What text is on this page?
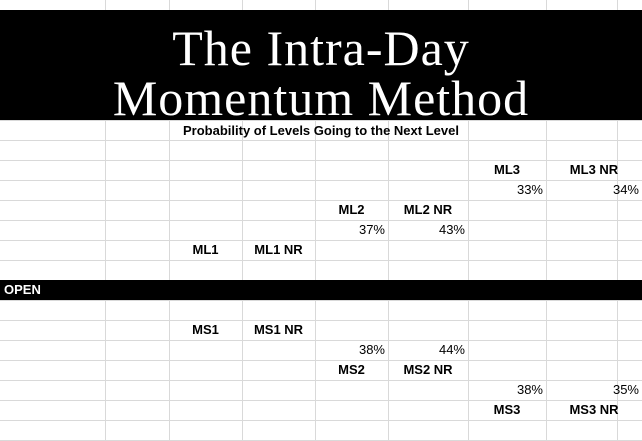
The Intra-Day
Momentum Method
Probability of Levels Going to the Next Level
ML3	ML3 NR
33%	34%
ML2	ML2 NR
37%	43%
ML1	ML1 NR
OPEN
MS1	MS1 NR
38%	44%
MS2	MS2 NR
38%	35%
MS3	MS3 NR
